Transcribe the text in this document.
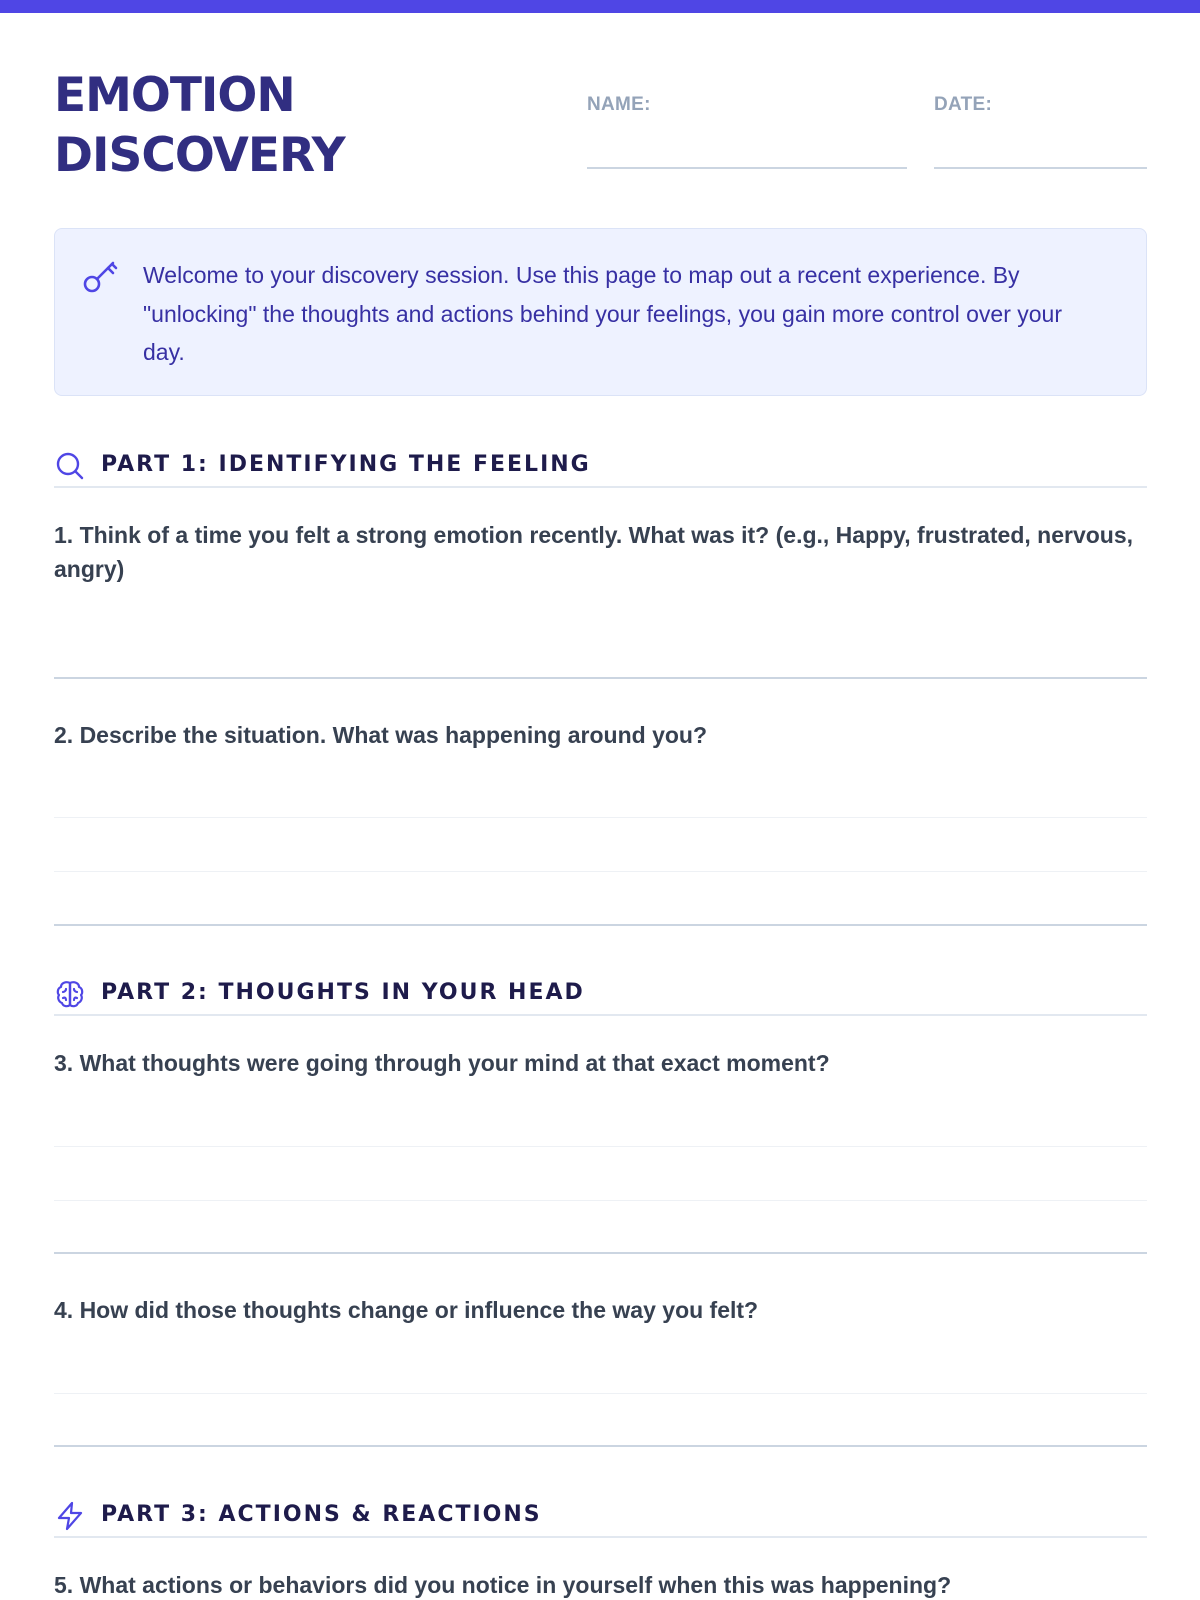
EMOTION
DISCOVERY
NAME:	DATE:

Welcome to your discovery session. Use this page to map out a recent experience. By "unlocking" the thoughts and actions behind your feelings, you gain more control over your day.

PART 1: IDENTIFYING THE FEELING
1. Think of a time you felt a strong emotion recently. What was it? (e.g., Happy, frustrated, nervous, angry)
2. Describe the situation. What was happening around you?
PART 2: THOUGHTS IN YOUR HEAD
3. What thoughts were going through your mind at that exact moment?
4. How did those thoughts change or influence the way you felt?
PART 3: ACTIONS & REACTIONS
5. What actions or behaviors did you notice in yourself when this was happening?
